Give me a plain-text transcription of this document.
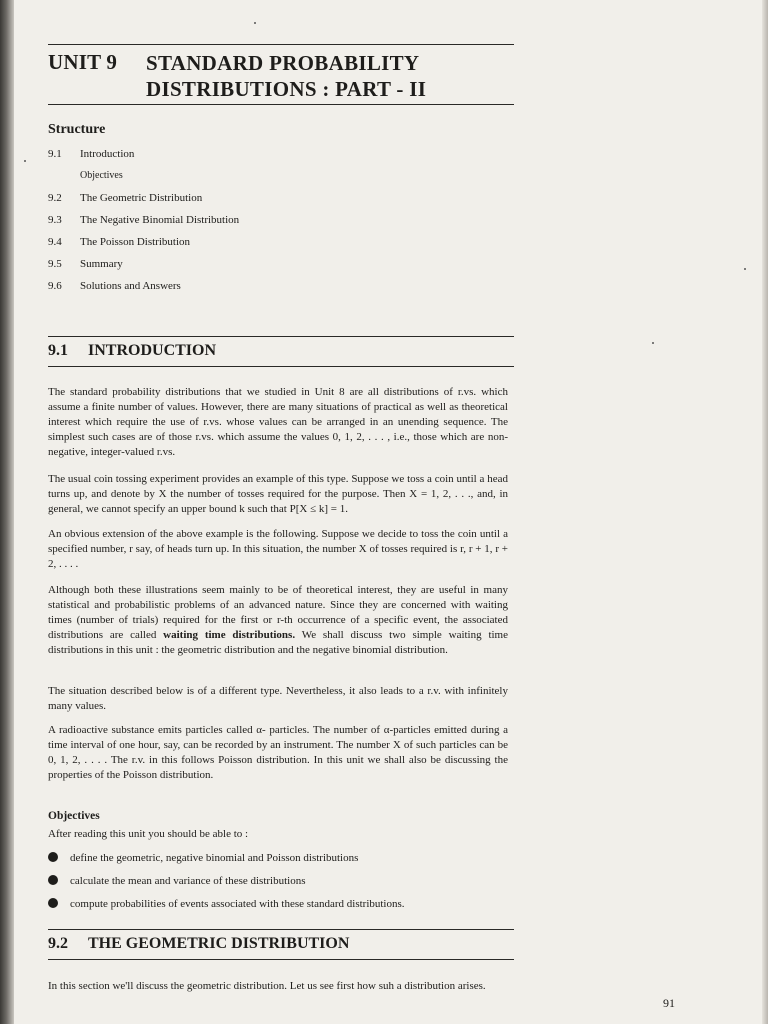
UNIT 9 STANDARD PROBABILITY
DISTRIBUTIONS : PART - II
Structure
9.1	Introduction
Objectives
9.2	The Geometric Distribution
9.3	The Negative Binomial Distribution
9.4	The Poisson Distribution
9.5	Summary
9.6	Solutions and Answers
9.1 INTRODUCTION

The standard probability distributions that we studied in Unit 8 are all distributions of r.vs. which assume a finite number of values. However, there are many situations of practical as well as theoretical interest which require the use of r.vs. whose values can be arranged in an unending sequence. The simplest such cases are of those r.vs. which assume the values 0, 1, 2, . . . , i.e., those which are non-negative, integer-valued r.vs.

The usual coin tossing experiment provides an example of this type. Suppose we toss a coin until a head turns up, and denote by X the number of tosses required for the purpose. Then X = 1, 2, . . ., and, in general, we cannot specify an upper bound k such that P[X ≤ k] = 1.

An obvious extension of the above example is the following. Suppose we decide to toss the coin until a specified number, r say, of heads turn up. In this situation, the number X of tosses required is r, r + 1, r + 2, . . . .

Although both these illustrations seem mainly to be of theoretical interest, they are useful in many statistical and probabilistic problems of an advanced nature. Since they are concerned with waiting times (number of trials) required for the first or r-th occurrence of a specific event, the associated distributions are called waiting time distributions. We shall discuss two simple waiting time distributions in this unit : the geometric distribution and the negative binomial distribution.

The situation described below is of a different type. Nevertheless, it also leads to a r.v. with infinitely many values.

A radioactive substance emits particles called α- particles. The number of α-particles emitted during a time interval of one hour, say, can be recorded by an instrument. The number X of such particles can be 0, 1, 2, . . . . The r.v. in this follows Poisson distribution. In this unit we shall also be discussing the properties of the Poisson distribution.

Objectives
After reading this unit you should be able to :
define the geometric, negative binomial and Poisson distributions
calculate the mean and variance of these distributions
compute probabilities of events associated with these standard distributions.
9.2 THE GEOMETRIC DISTRIBUTION

In this section we'll discuss the geometric distribution. Let us see first how suh a distribution arises.

91
